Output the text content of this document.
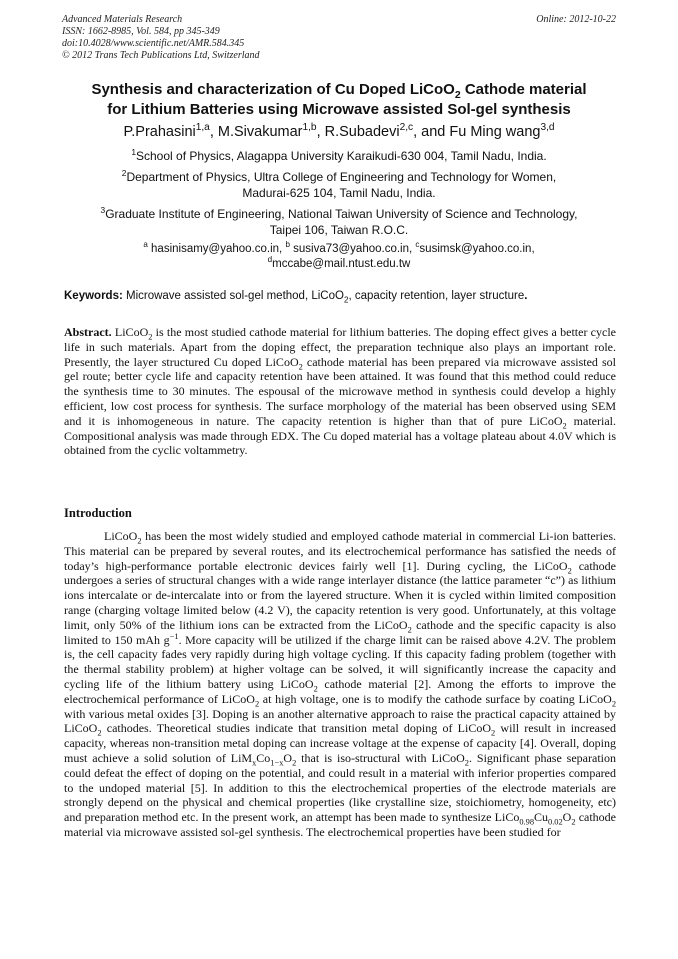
Advanced Materials Research
ISSN: 1662-8985, Vol. 584, pp 345-349
doi:10.4028/www.scientific.net/AMR.584.345
© 2012 Trans Tech Publications Ltd, Switzerland
Online: 2012-10-22
Synthesis and characterization of Cu Doped LiCoO$_2$ Cathode material
for Lithium Batteries using Microwave assisted Sol-gel synthesis
P.Prahasini$^{1,a}$, M.Sivakumar$^{1,b}$, R.Subadevi$^{2,c}$, and Fu Ming wang$^{3,d}$
$^1$School of Physics, Alagappa University Karaikudi-630 004, Tamil Nadu, India.
$^2$Department of Physics, Ultra College of Engineering and Technology for Women,
Madurai-625 104, Tamil Nadu, India.
$^3$Graduate Institute of Engineering, National Taiwan University of Science and Technology,
Taipei 106, Taiwan R.O.C.
$^a$ hasinisamy@yahoo.co.in, $^b$ susiva73@yahoo.co.in, $^c$susimsk@yahoo.co.in,
$^d$mccabe@mail.ntust.edu.tw
Keywords: Microwave assisted sol-gel method, LiCoO$_2$, capacity retention, layer structure.
Abstract. LiCoO$_2$ is the most studied cathode material for lithium batteries. The doping effect gives a better cycle life in such materials. Apart from the doping effect, the preparation technique also plays an important role. Presently, the layer structured Cu doped LiCoO$_2$ cathode material has been prepared via microwave assisted sol gel route; better cycle life and capacity retention have been attained. It was found that this method could reduce the synthesis time to 30 minutes. The espousal of the microwave method in synthesis could develop a highly efficient, low cost process for synthesis. The surface morphology of the material has been observed using SEM and it is inhomogeneous in nature. The capacity retention is higher than that of pure LiCoO$_2$ material. Compositional analysis was made through EDX. The Cu doped material has a voltage plateau about 4.0V which is obtained from the cyclic voltammetry.
Introduction
LiCoO$_2$ has been the most widely studied and employed cathode material in commercial Li-ion batteries. This material can be prepared by several routes, and its electrochemical performance has satisfied the needs of today’s high-performance portable electronic devices fairly well [1]. During cycling, the LiCoO$_2$ cathode undergoes a series of structural changes with a wide range interlayer distance (the lattice parameter “c”) as lithium ions intercalate or de-intercalate into or from the layered structure. When it is cycled within limited composition range (charging voltage limited below (4.2 V), the capacity retention is very good. Unfortunately, at this voltage limit, only 50% of the lithium ions can be extracted from the LiCoO$_2$ cathode and the specific capacity is also limited to 150 mAh $g^{-1}$. More capacity will be utilized if the charge limit can be raised above 4.2V. The problem is, the cell capacity fades very rapidly during high voltage cycling. If this capacity fading problem (together with the thermal stability problem) at higher voltage can be solved, it will significantly increase the capacity and cycling life of the lithium battery using LiCoO$_2$ cathode material [2]. Among the efforts to improve the electrochemical performance of LiCoO$_2$ at high voltage, one is to modify the cathode surface by coating LiCoO$_2$ with various metal oxides [3]. Doping is an another alternative approach to raise the practical capacity attained by LiCoO$_2$ cathodes. Theoretical studies indicate that transition metal doping of LiCoO$_2$ will result in increased capacity, whereas non-transition metal doping can increase voltage at the expense of capacity [4]. Overall, doping must achieve a solid solution of $LiM_xCo_{1-x}O_2$ that is iso-structural with LiCoO$_2$. Significant phase separation could defeat the effect of doping on the potential, and could result in a material with inferior properties compared to the undoped material [5]. In addition to this the electrochemical properties of the electrode materials are strongly depend on the physical and chemical properties (like crystalline size, stoichiometry, homogeneity, etc) and preparation method etc. In the present work, an attempt has been made to synthesize $LiCo_{0.98}Cu_{0.02}O_2$ cathode material via microwave assisted sol-gel synthesis. The electrochemical properties have been studied for
